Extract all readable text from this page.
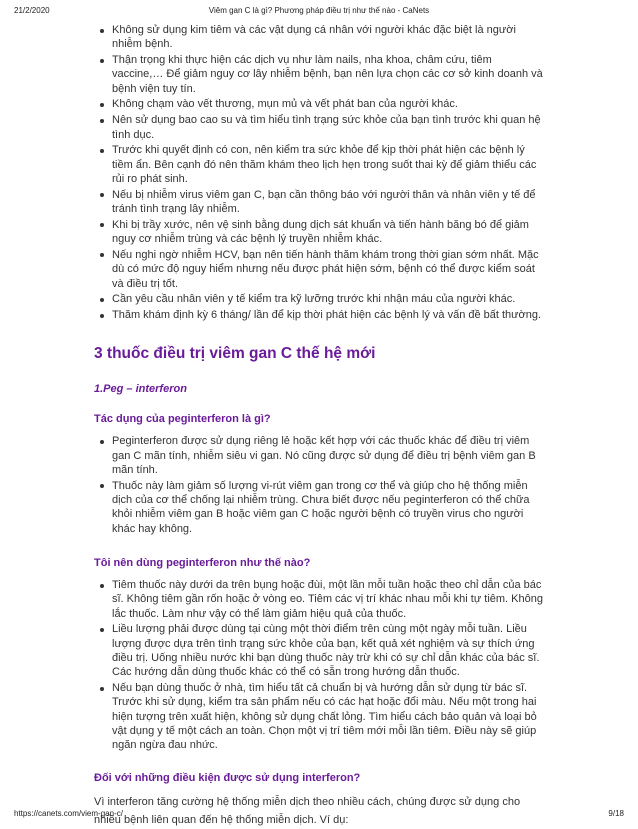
21/2/2020	Viêm gan C là gì? Phương pháp điều trị như thế nào - CaNets
Không sử dụng kim tiêm và các vật dụng cá nhân với người khác đặc biệt là người nhiễm bệnh.
Thận trọng khi thực hiện các dịch vụ như làm nails, nha khoa, châm cứu, tiêm vaccine,… Để giảm nguy cơ lây nhiễm bệnh, bạn nên lựa chọn các cơ sở kinh doanh và bệnh viện tuy tín.
Không chạm vào vết thương, mụn mủ và vết phát ban của người khác.
Nên sử dụng bao cao su và tìm hiểu tình trạng sức khỏe của bạn tình trước khi quan hệ tình dục.
Trước khi quyết định có con, nên kiểm tra sức khỏe để kịp thời phát hiện các bệnh lý tiềm ẩn. Bên cạnh đó nên thăm khám theo lịch hẹn trong suốt thai kỳ để giảm thiểu các rủi ro phát sinh.
Nếu bị nhiễm virus viêm gan C, bạn cần thông báo với người thân và nhân viên y tế để tránh tình trạng lây nhiễm.
Khi bị trầy xước, nên vệ sinh bằng dung dịch sát khuẩn và tiến hành băng bó để giảm nguy cơ nhiễm trùng và các bệnh lý truyền nhiễm khác.
Nếu nghi ngờ nhiễm HCV, bạn nên tiến hành thăm khám trong thời gian sớm nhất. Mặc dù có mức độ nguy hiểm nhưng nếu được phát hiện sớm, bệnh có thể được kiểm soát và điều trị tốt.
Cần yêu cầu nhân viên y tế kiểm tra kỹ lưỡng trước khi nhận máu của người khác.
Thăm khám định kỳ 6 tháng/ lần để kịp thời phát hiện các bệnh lý và vấn đề bất thường.
3 thuốc điều trị viêm gan C thế hệ mới
1.Peg – interferon
Tác dụng của peginterferon là gì?
Peginterferon được sử dụng riêng lẻ hoặc kết hợp với các thuốc khác để điều trị viêm gan C mãn tính, nhiễm siêu vi gan. Nó cũng được sử dụng để điều trị bệnh viêm gan B mãn tính.
Thuốc này làm giảm số lượng vi-rút viêm gan trong cơ thể và giúp cho hệ thống miễn dịch của cơ thể chống lại nhiễm trùng. Chưa biết được nếu peginterferon có thể chữa khỏi nhiễm viêm gan B hoặc viêm gan C hoặc người bệnh có truyền virus cho người khác hay không.
Tôi nên dùng peginterferon như thế nào?
Tiêm thuốc này dưới da trên bụng hoặc đùi, một lần mỗi tuần hoặc theo chỉ dẫn của bác sĩ. Không tiêm gần rốn hoặc ở vòng eo. Tiêm các vị trí khác nhau mỗi khi tự tiêm. Không lắc thuốc. Làm như vậy có thể làm giảm hiệu quả của thuốc.
Liều lượng phải được dùng tại cùng một thời điểm trên cùng một ngày mỗi tuần. Liều lượng được dựa trên tình trạng sức khỏe của bạn, kết quả xét nghiệm và sự thích ứng điều trị. Uống nhiều nước khi bạn dùng thuốc này trừ khi có sự chỉ dẫn khác của bác sĩ. Các hướng dẫn dùng thuốc khác có thể có sẵn trong hướng dẫn thuốc.
Nếu bạn dùng thuốc ở nhà, tìm hiểu tất cả chuẩn bị và hướng dẫn sử dụng từ bác sĩ. Trước khi sử dụng, kiểm tra sản phẩm nếu có các hạt hoặc đổi màu. Nếu một trong hai hiện tượng trên xuất hiện, không sử dụng chất lỏng. Tìm hiểu cách bảo quản và loại bỏ vật dụng y tế một cách an toàn. Chọn một vị trí tiêm mới mỗi lần tiêm. Điều này sẽ giúp ngăn ngừa đau nhức.
Đối với những điều kiện được sử dụng interferon?

Vì interferon tăng cường hệ thống miễn dịch theo nhiều cách, chúng được sử dụng cho nhiều bệnh liên quan đến hệ thống miễn dịch. Ví dụ:

https://canets.com/viem-gan-c/	9/18
